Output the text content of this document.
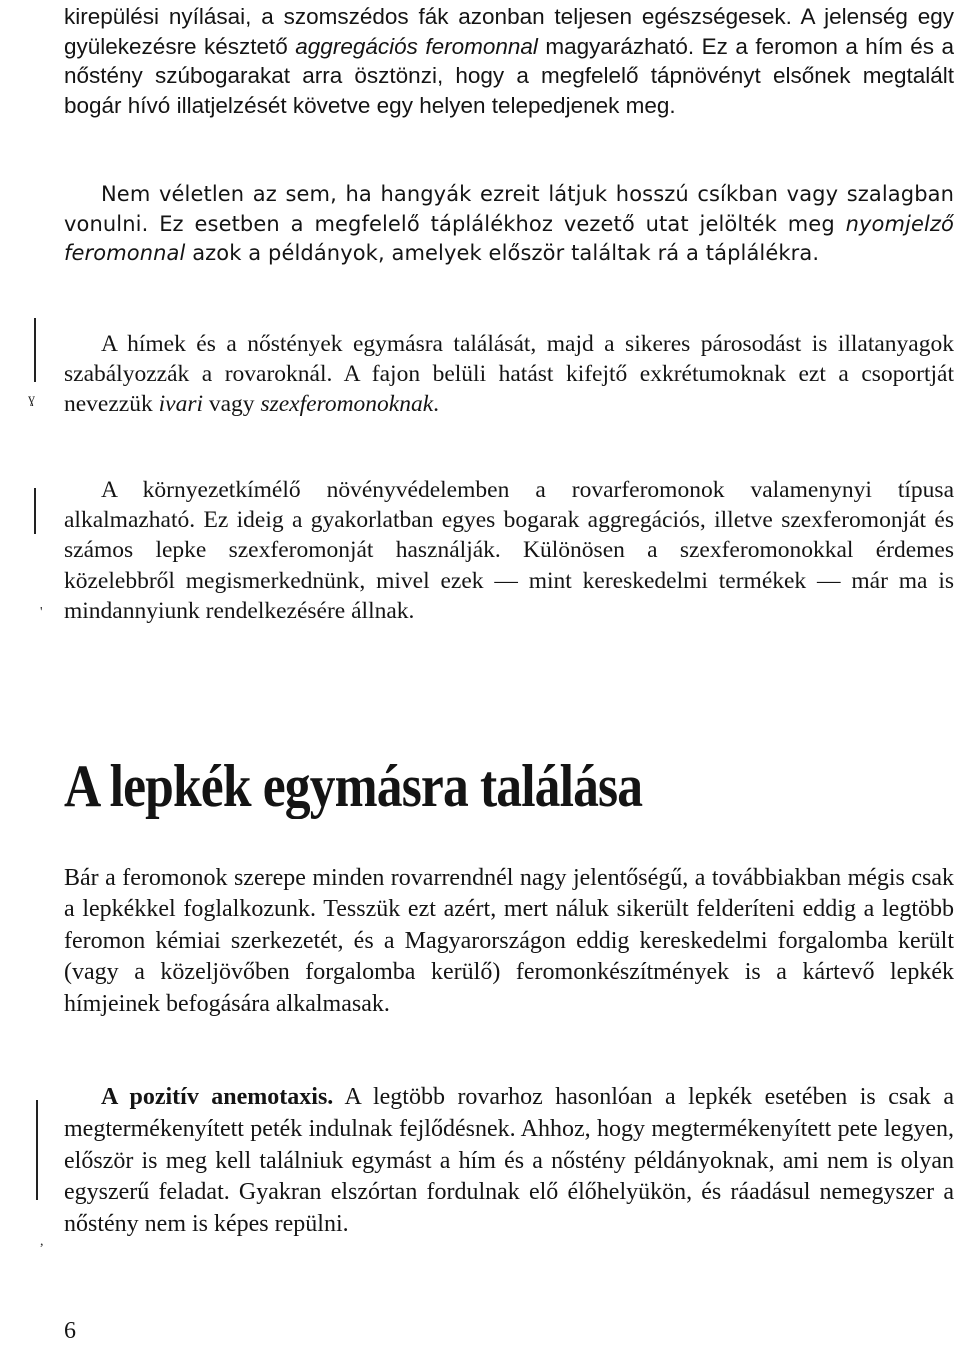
kirepülési nyílásai, a szomszédos fák azonban teljesen egészségesek. A jelenség egy gyülekezésre késztető aggregációs feromonnal magyarázható. Ez a feromon a hím és a nőstény szúbogarakat arra ösztönzi, hogy a megfelelő tápnövényt elsőnek megtalált bogár hívó illatjelzését követve egy helyen telepedjenek meg.

Nem véletlen az sem, ha hangyák ezreit látjuk hosszú csíkban vagy szalagban vonulni. Ez esetben a megfelelő táplálékhoz vezető utat jelölték meg nyomjelző feromonnal azok a példányok, amelyek először találtak rá a táplálékra.

A hímek és a nőstények egymásra találását, majd a sikeres párosodást is illatanyagok szabályozzák a rovaroknál. A fajon belüli hatást kifejtő exkrétumoknak ezt a csoportját nevezzük ivari vagy szexferomonoknak.

A környezetkímélő növényvédelemben a rovarferomonok valamenynyi típusa alkalmazható. Ez ideig a gyakorlatban egyes bogarak aggregációs, illetve szexferomonját és számos lepke szexferomonját használják. Különösen a szexferomonokkal érdemes közelebbről megismerkednünk, mivel ezek — mint kereskedelmi termékek — már ma is mindannyiunk rendelkezésére állnak.

A lepkék egymásra találása

Bár a feromonok szerepe minden rovarrendnél nagy jelentőségű, a továbbiakban mégis csak a lepkékkel foglalkozunk. Tesszük ezt azért, mert náluk sikerült felderíteni eddig a legtöbb feromon kémiai szerkezetét, és a Magyarországon eddig kereskedelmi forgalomba került (vagy a közeljövőben forgalomba kerülő) feromonkészítmények is a kártevő lepkék hímjeinek befogására alkalmasak.

A pozitív anemotaxis. A legtöbb rovarhoz hasonlóan a lepkék esetében is csak a megtermékenyített peték indulnak fejlődésnek. Ahhoz, hogy megtermékenyített pete legyen, először is meg kell találniuk egymást a hím és a nőstény példányoknak, ami nem is olyan egyszerű feladat. Gyakran elszórtan fordulnak elő élőhelyükön, és ráadásul nemegyszer a nőstény nem is képes repülni.

ɣ
'
,
6
